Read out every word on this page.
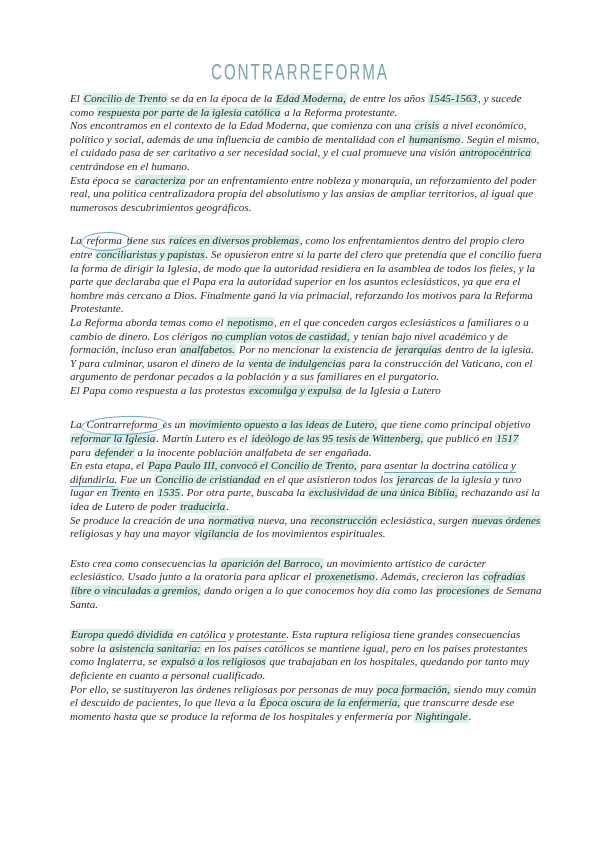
CONTRARREFORMA
El Concilio de Trento se da en la época de la Edad Moderna, de entre los años 1545-1563, y sucede como respuesta por parte de la iglesia católica a la Reforma protestante.
Nos encontramos en el contexto de la Edad Moderna, que comienza con una crisis a nivel económico, político y social, además de una influencia de cambio de mentalidad con el humanismo. Según el mismo, el cuidado pasa de ser caritativo a ser necesidad social, y el cual promueve una visión antropocéntrica centrándose en el humano.
Esta época se caracteriza por un enfrentamiento entre nobleza y monarquía, un reforzamiento del poder real, una política centralizadora propia del absolutismo y las ansias de ampliar territorios, al igual que numerosos descubrimientos geográficos.
La reforma tiene sus raíces en diversos problemas, como los enfrentamientos dentro del propio clero entre conciliaristas y papistas. Se opusieron entre sí la parte del clero que pretendía que el concilio fuera la forma de dirigir la Iglesia, de modo que la autoridad residiera en la asamblea de todos los fieles, y la parte que declaraba que el Papa era la autoridad superior en los asuntos eclesiásticos, ya que era el hombre más cercano a Dios. Finalmente ganó la vía primacial, reforzando los motivos para la Reforma Protestante.
La Reforma aborda temas como el nepotismo, en el que conceden cargos eclesiásticos a familiares o a cambio de dinero. Los clérigos no cumplían votos de castidad, y tenían bajo nivel académico y de formación, incluso eran analfabetos. Por no mencionar la existencia de jerarquías dentro de la iglesia. Y para culminar, usaron el dinero de la venta de indulgencias para la construcción del Vaticano, con el argumento de perdonar pecados a la población y a sus familiares en el purgatorio.
El Papa como respuesta a las protestas excomulga y expulsa de la Iglesia a Lutero
La Contrarreforma es un movimiento opuesto a las ideas de Lutero, que tiene como principal objetivo reformar la Iglesia. Martín Lutero es el ideólogo de las 95 tesis de Wittenberg, que publicó en 1517 para defender a la inocente población analfabeta de ser engañada.
En esta etapa, el Papa Paulo III, convocó el Concilio de Trento, para asentar la doctrina católica y difundirla. Fue un Concilio de cristiandad en el que asistieron todos los jerarcas de la iglesia y tuvo lugar en Trento en 1535. Por otra parte, buscaba la exclusividad de una única Biblia, rechazando así la idea de Lutero de poder traducirla.
Se produce la creación de una normativa nueva, una reconstrucción eclesiástica, surgen nuevas órdenes religiosas y hay una mayor vigilancia de los movimientos espirituales.
Esto crea como consecuencias la aparición del Barroco, un movimiento artístico de carácter eclesiástico. Usado junto a la oratoria para aplicar el proxenetismo. Además, crecieron las cofradías libre o vinculadas a gremios, dando origen a lo que conocemos hoy día como las procesiones de Semana Santa.
Europa quedó dividida en católica y protestante. Esta ruptura religiosa tiene grandes consecuencias sobre la asistencia sanitaria: en los países católicos se mantiene igual, pero en los países protestantes como Inglaterra, se expulsó a los religiosos que trabajaban en los hospitales, quedando por tanto muy deficiente en cuanto a personal cualificado.
Por ello, se sustituyeron las órdenes religiosas por personas de muy poca formación, siendo muy común el descuido de pacientes, lo que lleva a la Época oscura de la enfermería, que transcurre desde ese momento hasta que se produce la reforma de los hospitales y enfermería por Nightingale.
